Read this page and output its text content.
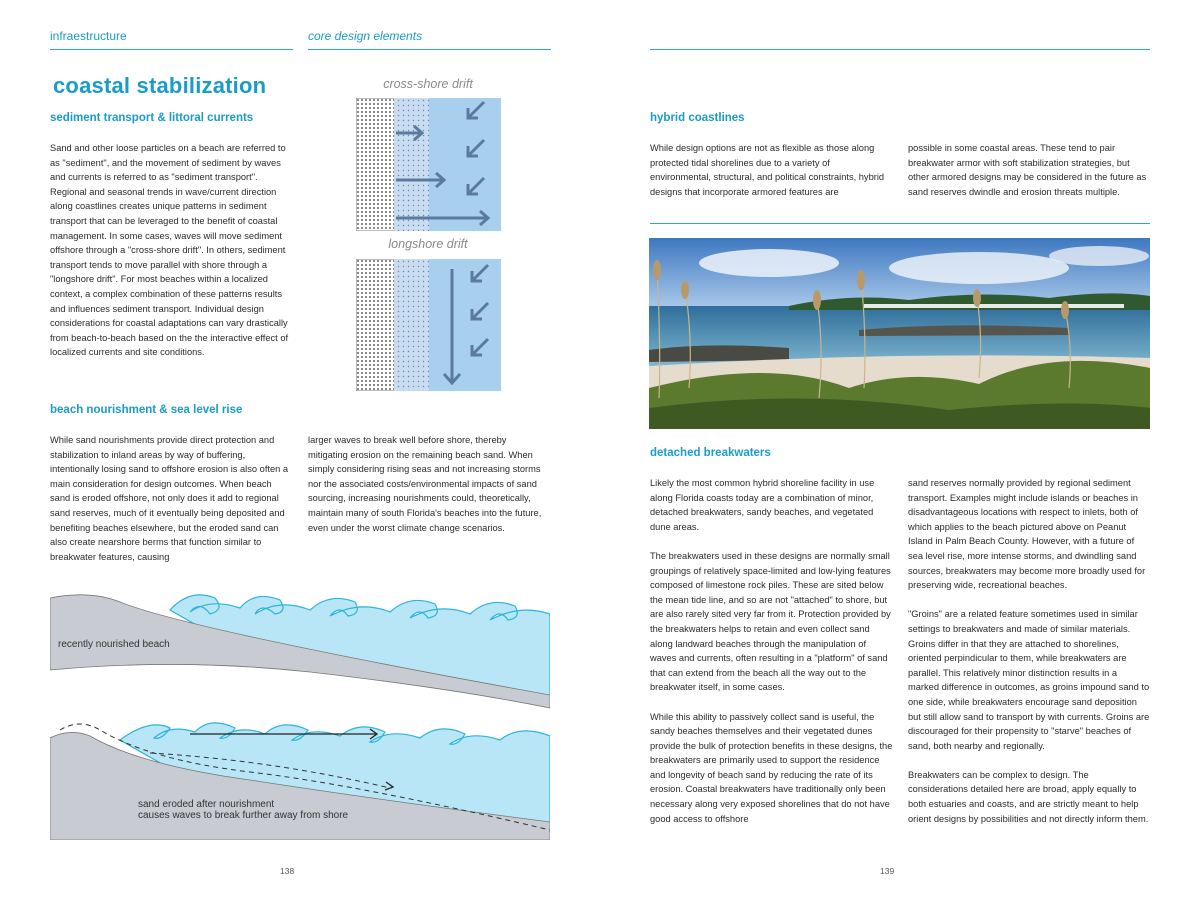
infraestructure	core design elements
coastal stabilization
sediment transport & littoral currents
Sand and other loose particles on a beach are referred to as "sediment", and the movement of sediment by waves and currents is referred to as "sediment transport". Regional and seasonal trends in wave/current direction along coastlines creates unique patterns in sediment transport that can be leveraged to the benefit of coastal management. In some cases, waves will move sediment offshore through a "cross-shore drift". In others, sediment transport tends to move parallel with shore through a "longshore drift". For most beaches within a localized context, a complex combination of these patterns results and influences sediment transport. Individual design considerations for coastal adaptations can vary drastically from beach-to-beach based on the the interactive effect of localized currents and site conditions.
cross-shore drift
longshore drift
beach nourishment & sea level rise
While sand nourishments provide direct protection and stabilization to inland areas by way of buffering, intentionally losing sand to offshore erosion is also often a main consideration for design outcomes. When beach sand is eroded offshore, not only does it add to regional sand reserves, much of it eventually being deposited and benefiting beaches elsewhere, but the eroded sand can also create nearshore berms that function similar to breakwater features, causing
larger waves to break well before shore, thereby mitigating erosion on the remaining beach sand. When simply considering rising seas and not increasing storms nor the associated costs/environmental impacts of sand sourcing, increasing nourishments could, theoretically, maintain many of south Florida's beaches into the future, even under the worst climate change scenarios.
recently nourished beach
sand eroded after nourishment
causes waves to break further away from shore
138
hybrid coastlines
While design options are not as flexible as those along protected tidal shorelines due to a variety of environmental, structural, and political constraints, hybrid designs that incorporate armored features are
possible in some coastal areas. These tend to pair breakwater armor with soft stabilization strategies, but other armored designs may be considered in the future as sand reserves dwindle and erosion threats multiple.
detached breakwaters

Likely the most common hybrid shoreline facility in use along Florida coasts today are a combination of minor, detached breakwaters, sandy beaches, and vegetated dune areas.

The breakwaters used in these designs are normally small groupings of relatively space-limited and low-lying features composed of limestone rock piles. These are sited below the mean tide line, and so are not "attached" to shore, but are also rarely sited very far from it. Protection provided by the breakwaters helps to retain and even collect sand along landward beaches through the manipulation of waves and currents, often resulting in a "platform" of sand that can extend from the beach all the way out to the breakwater itself, in some cases.

While this ability to passively collect sand is useful, the sandy beaches themselves and their vegetated dunes provide the bulk of protection benefits in these designs, the breakwaters are primarily used to support the residence and longevity of beach sand by reducing the rate of its erosion. Coastal breakwaters have traditionally only been necessary along very exposed shorelines that do not have good access to offshore

sand reserves normally provided by regional sediment transport. Examples might include islands or beaches in disadvantageous locations with respect to inlets, both of which applies to the beach pictured above on Peanut Island in Palm Beach County. However, with a future of sea level rise, more intense storms, and dwindling sand sources, breakwaters may become more broadly used for preserving wide, recreational beaches.

"Groins" are a related feature sometimes used in similar settings to breakwaters and made of similar materials. Groins differ in that they are attached to shorelines, oriented perpindicular to them, while breakwaters are parallel. This relatively minor distinction results in a marked difference in outcomes, as groins impound sand to one side, while breakwaters encourage sand deposition but still allow sand to transport by with currents. Groins are discouraged for their propensity to "starve" beaches of sand, both nearby and regionally.

Breakwaters can be complex to design. The considerations detailed here are broad, apply equally to both estuaries and coasts, and are strictly meant to help orient designs by possibilities and not directly inform them.

139
